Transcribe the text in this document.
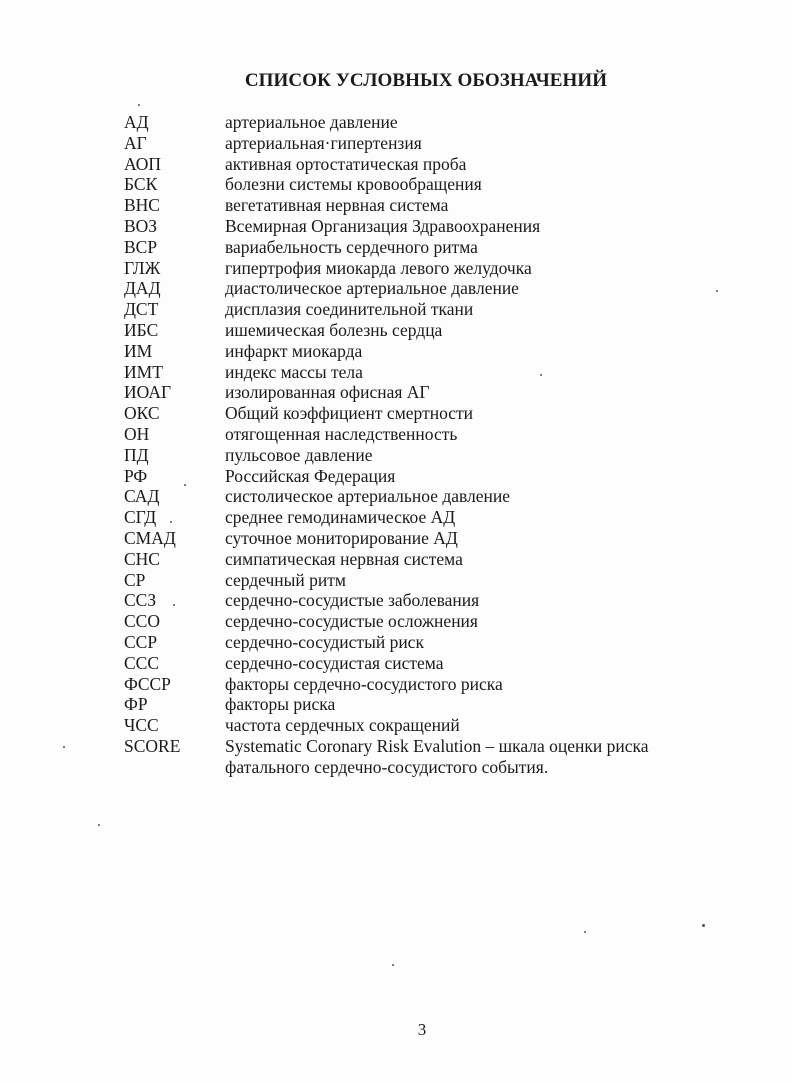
СПИСОК УСЛОВНЫХ ОБОЗНАЧЕНИЙ
АД	артериальное давление
АГ	артериальная·гипертензия
АОП	активная ортостатическая проба
БСК	болезни системы кровообращения
ВНС	вегетативная нервная система
ВОЗ	Всемирная Организация Здравоохранения
ВСР	вариабельность сердечного ритма
ГЛЖ	гипертрофия миокарда левого желудочка
ДАД	диастолическое артериальное давление
ДСТ	дисплазия соединительной ткани
ИБС	ишемическая болезнь сердца
ИМ	инфаркт миокарда
ИМТ	индекс массы тела
ИОАГ	изолированная офисная АГ
ОКС	Общий коэффициент смертности
ОН	отягощенная наследственность
ПД	пульсовое давление
РФ	Российская Федерация
САД	систолическое артериальное давление
СГД	среднее гемодинамическое АД
СМАД	суточное мониторирование АД
СНС	симпатическая нервная система
СР	сердечный ритм
ССЗ	сердечно-сосудистые заболевания
ССО	сердечно-сосудистые осложнения
ССР	сердечно-сосудистый риск
ССС	сердечно-сосудистая система
ФССР	факторы сердечно-сосудистого риска
ФР	факторы риска
ЧСС	частота сердечных сокращений
SCORE	Systematic Coronary Risk Evalution – шкала оценки риска фатального сердечно-сосудистого события.
3
